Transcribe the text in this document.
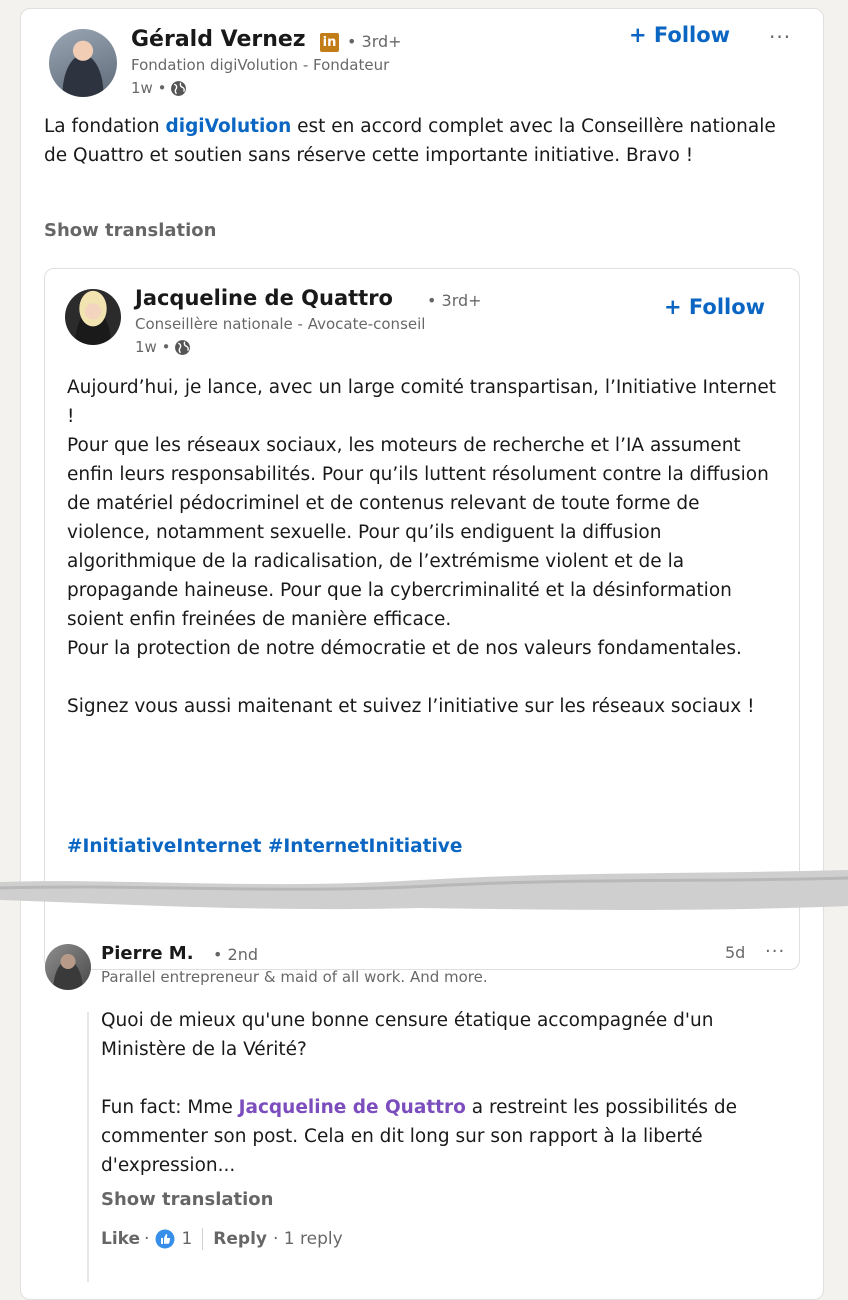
Gérald Vernez in • 3rd+
Fondation digiVolution - Fondateur
1w •
+ Follow ···
La fondation digiVolution est en accord complet avec la Conseillère nationale de Quattro et soutien sans réserve cette importante initiative. Bravo !
Show translation
Jacqueline de Quattro • 3rd+
Conseillère nationale - Avocate-conseil
1w •
+ Follow

Aujourd’hui, je lance, avec un large comité transpartisan, l’Initiative Internet !

Pour que les réseaux sociaux, les moteurs de recherche et l’IA assument enfin leurs responsabilités. Pour qu’ils luttent résolument contre la diffusion de matériel pédocriminel et de contenus relevant de toute forme de violence, notamment sexuelle. Pour qu’ils endiguent la diffusion algorithmique de la radicalisation, de l’extrémisme violent et de la propagande haineuse. Pour que la cybercriminalité et la désinformation soient enfin freinées de manière efficace.

Pour la protection de notre démocratie et de nos valeurs fondamentales.

Signez vous aussi maitenant et suivez l’initiative sur les réseaux sociaux !

#InitiativeInternet #InternetInitiative
Pierre M. • 2nd
Parallel entrepreneur & maid of all work. And more.
5d ···

Quoi de mieux qu'une bonne censure étatique accompagnée d'un Ministère de la Vérité?

Fun fact: Mme Jacqueline de Quattro a restreint les possibilités de commenter son post. Cela en dit long sur son rapport à la liberté d'expression...

Show translation
Like · 1 Reply · 1 reply
